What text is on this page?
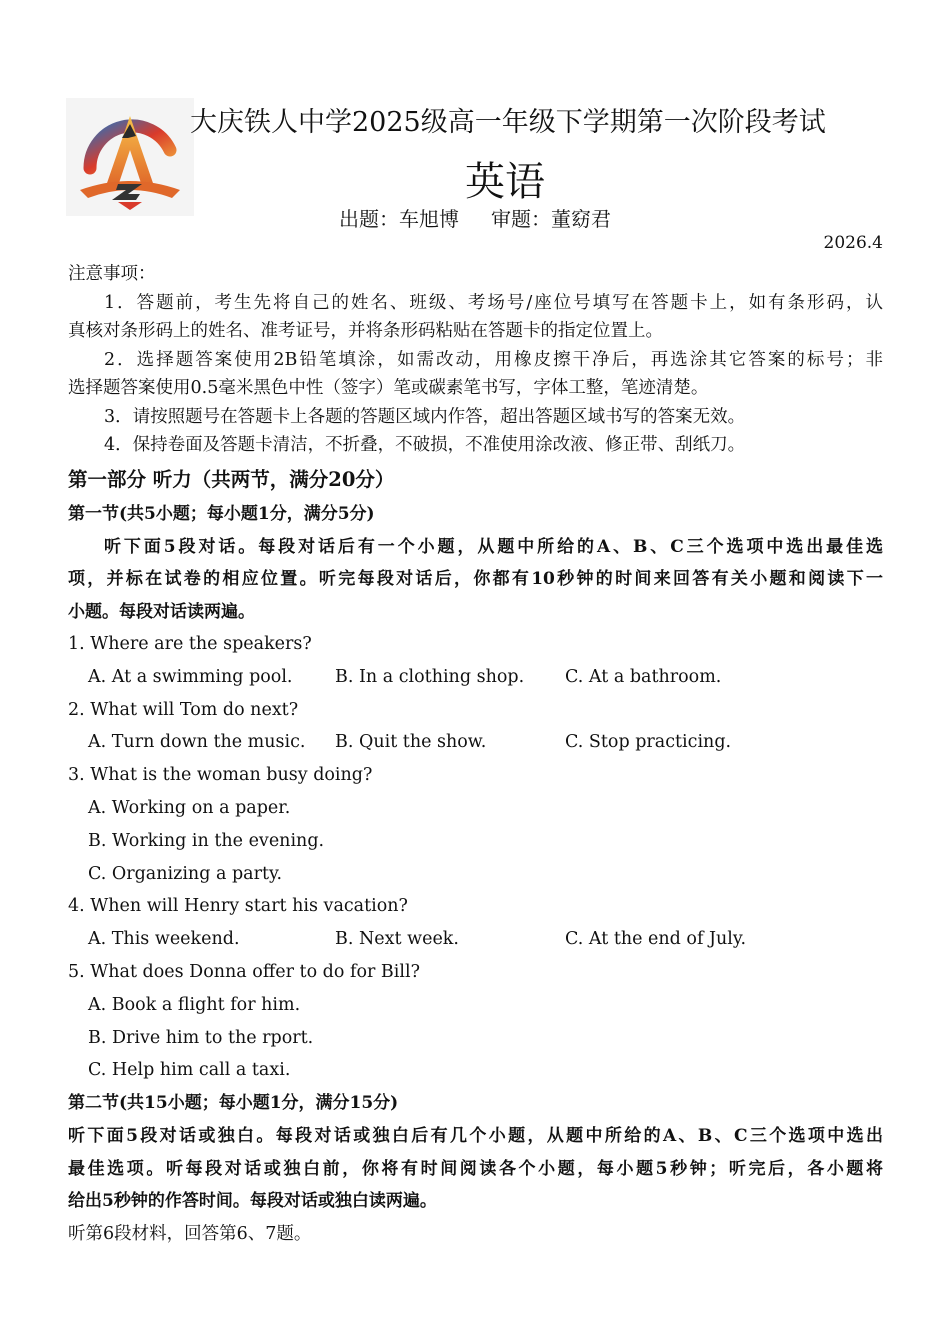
大庆铁人中学2025级高一年级下学期第一次阶段考试
英语
出题：车旭博 审题：董窈君
2026.4
注意事项：
1．答题前，考生先将自己的姓名、班级、考场号/座位号填写在答题卡上，如有条形码，认
真核对条形码上的姓名、准考证号，并将条形码粘贴在答题卡的指定位置上。
2．选择题答案使用2B铅笔填涂，如需改动，用橡皮擦干净后，再选涂其它答案的标号；非
选择题答案使用0.5毫米黑色中性（签字）笔或碳素笔书写，字体工整，笔迹清楚。
3．请按照题号在答题卡上各题的答题区域内作答，超出答题区域书写的答案无效。
4．保持卷面及答题卡清洁，不折叠，不破损，不准使用涂改液、修正带、刮纸刀。
第一部分 听力（共两节，满分20分）
第一节(共5小题；每小题1分，满分5分)
听下面5段对话。每段对话后有一个小题，从题中所给的A、B、C三个选项中选出最佳选
项，并标在试卷的相应位置。听完每段对话后，你都有10秒钟的时间来回答有关小题和阅读下一
小题。每段对话读两遍。
1. Where are the speakers?
A. At a swimming pool. B. In a clothing shop. C. At a bathroom.
2. What will Tom do next?
A. Turn down the music. B. Quit the show.	C. Stop practicing.
3. What is the woman busy doing?
A. Working on a paper.
B. Working in the evening.
C. Organizing a party.
4. When will Henry start his vacation?
A. This weekend.	B. Next week.	C. At the end of July.
5. What does Donna offer to do for Bill?
A. Book a flight for him.
B. Drive him to the rport.
C. Help him call a taxi.
第二节(共15小题；每小题1分，满分15分)
听下面5段对话或独白。每段对话或独白后有几个小题，从题中所给的A、B、C三个选项中选出
最佳选项。听每段对话或独白前，你将有时间阅读各个小题，每小题5秒钟；听完后，各小题将
给出5秒钟的作答时间。每段对话或独白读两遍。
听第6段材料，回答第6、7题。
